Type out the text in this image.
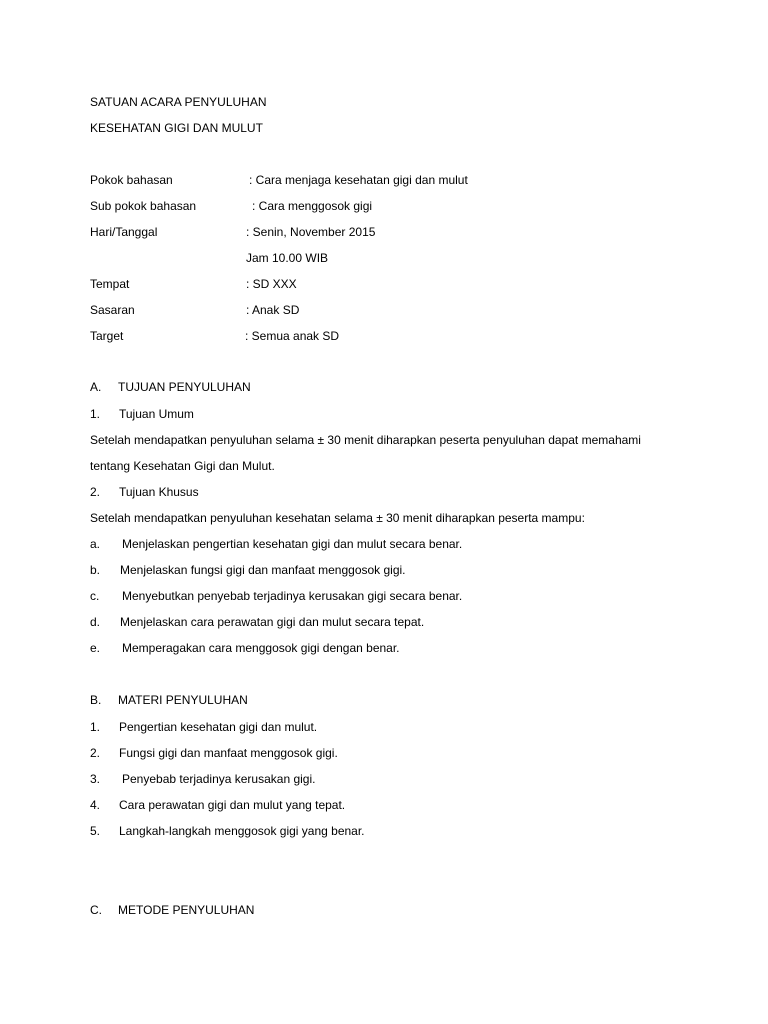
SATUAN ACARA PENYULUHAN
KESEHATAN GIGI DAN MULUT
Pokok bahasan	: Cara menjaga kesehatan gigi dan mulut
Sub pokok bahasan	: Cara menggosok gigi
Hari/Tanggal	: Senin, November 2015
Jam 10.00 WIB
Tempat	: SD XXX
Sasaran	: Anak SD
Target	: Semua anak SD
A. TUJUAN PENYULUHAN
1. Tujuan Umum
Setelah mendapatkan penyuluhan selama ± 30 menit diharapkan peserta penyuluhan dapat memahami
tentang Kesehatan Gigi dan Mulut.
2. Tujuan Khusus
Setelah mendapatkan penyuluhan kesehatan selama ± 30 menit diharapkan peserta mampu:
a. Menjelaskan pengertian kesehatan gigi dan mulut secara benar.
b. Menjelaskan fungsi gigi dan manfaat menggosok gigi.
c. Menyebutkan penyebab terjadinya kerusakan gigi secara benar.
d. Menjelaskan cara perawatan gigi dan mulut secara tepat.
e. Memperagakan cara menggosok gigi dengan benar.
B. MATERI PENYULUHAN
1. Pengertian kesehatan gigi dan mulut.
2. Fungsi gigi dan manfaat menggosok gigi.
3. Penyebab terjadinya kerusakan gigi.
4. Cara perawatan gigi dan mulut yang tepat.
5. Langkah-langkah menggosok gigi yang benar.
C. METODE PENYULUHAN
